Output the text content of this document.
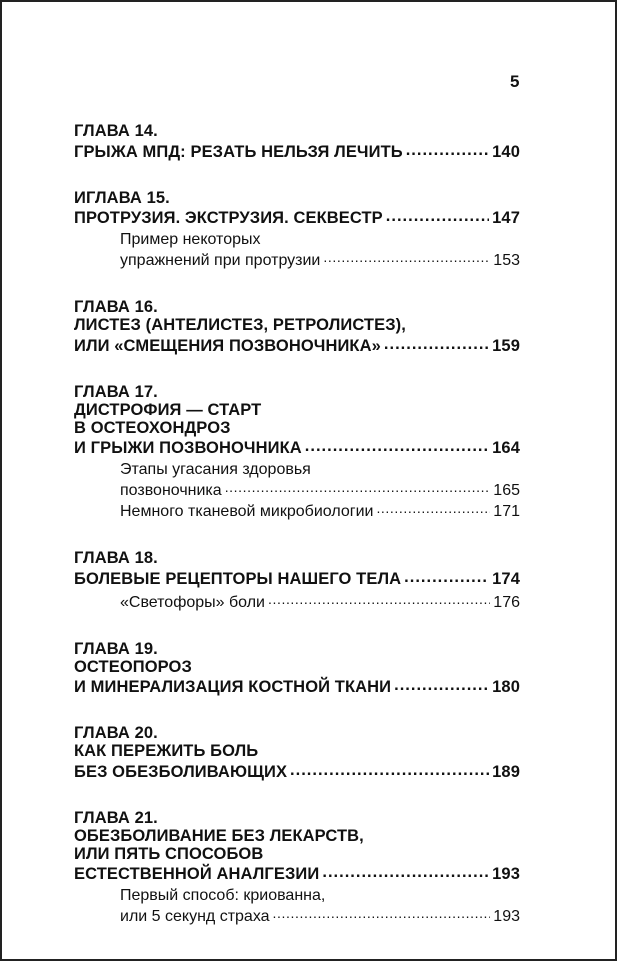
5
ГЛАВА 14.
ГРЫЖА МПД: РЕЗАТЬ НЕЛЬЗЯ ЛЕЧИТЬ .....	140
ИГЛАВА 15.
ПРОТРУЗИЯ. ЭКСТРУЗИЯ. СЕКВЕСТР .....	147
Пример некоторых
упражнений при протрузии .....	153
ГЛАВА 16.
ЛИСТЕЗ (АНТЕЛИСТЕЗ, РЕТРОЛИСТЕЗ),
ИЛИ «СМЕЩЕНИЯ ПОЗВОНОЧНИКА» .....	159
ГЛАВА 17.
ДИСТРОФИЯ — СТАРТ
В ОСТЕОХОНДРОЗ
И ГРЫЖИ ПОЗВОНОЧНИКА .....	164
Этапы угасания здоровья
позвоночника .....	165
Немного тканевой микробиологии .....	171
ГЛАВА 18.
БОЛЕВЫЕ РЕЦЕПТОРЫ НАШЕГО ТЕЛА .....	174
«Светофоры» боли .....	176
ГЛАВА 19.
ОСТЕОПОРОЗ
И МИНЕРАЛИЗАЦИЯ КОСТНОЙ ТКАНИ .....	180
ГЛАВА 20.
КАК ПЕРЕЖИТЬ БОЛЬ
БЕЗ ОБЕЗБОЛИВАЮЩИХ .....	189
ГЛАВА 21.
ОБЕЗБОЛИВАНИЕ БЕЗ ЛЕКАРСТВ,
ИЛИ ПЯТЬ СПОСОБОВ
ЕСТЕСТВЕННОЙ АНАЛГЕЗИИ .....	193
Первый способ: криованна,
или 5 секунд страха .....	193
